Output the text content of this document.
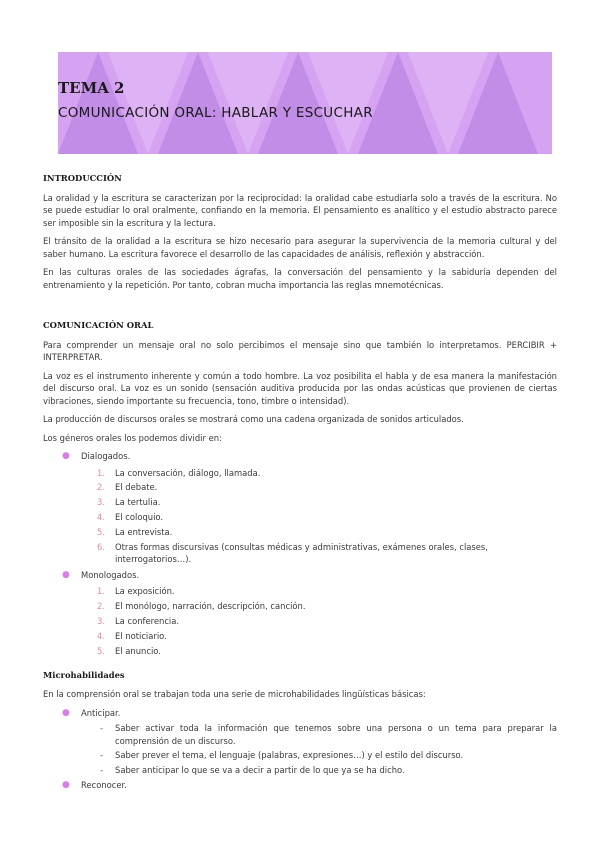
TEMA 2
COMUNICACIÓN ORAL: HABLAR Y ESCUCHAR
INTRODUCCIÓN

La oralidad y la escritura se caracterizan por la reciprocidad: la oralidad cabe estudiarla solo a través de la escritura. No se puede estudiar lo oral oralmente, confiando en la memoria. El pensamiento es analítico y el estudio abstracto parece ser imposible sin la escritura y la lectura.

El tránsito de la oralidad a la escritura se hizo necesario para asegurar la supervivencia de la memoria cultural y del saber humano. La escritura favorece el desarrollo de las capacidades de análisis, reflexión y abstracción.

En las culturas orales de las sociedades ágrafas, la conversación del pensamiento y la sabiduría dependen del entrenamiento y la repetición. Por tanto, cobran mucha importancia las reglas mnemotécnicas.

COMUNICACIÓN ORAL

Para comprender un mensaje oral no solo percibimos el mensaje sino que también lo interpretamos. PERCIBIR + INTERPRETAR.

La voz es el instrumento inherente y común a todo hombre. La voz posibilita el habla y de esa manera la manifestación del discurso oral. La voz es un sonido (sensación auditiva producida por las ondas acústicas que provienen de ciertas vibraciones, siendo importante su frecuencia, tono, timbre o intensidad).

La producción de discursos orales se mostrará como una cadena organizada de sonidos articulados.

Los géneros orales los podemos dividir en:

● Dialogados.
1. La conversación, diálogo, llamada.
2. El debate.
3. La tertulia.
4. El coloquio.
5. La entrevista.
6. Otras formas discursivas (consultas médicas y administrativas, exámenes orales, clases, interrogatorios…).
● Monologados.
1. La exposición.
2. El monólogo, narración, descripción, canción.
3. La conferencia.
4. El noticiario.
5. El anuncio.
Microhabilidades

En la comprensión oral se trabajan toda una serie de microhabilidades lingüísticas básicas:

● Anticipar.
- Saber activar toda la información que tenemos sobre una persona o un tema para preparar la comprensión de un discurso.
- Saber prever el tema, el lenguaje (palabras, expresiones…) y el estilo del discurso.
- Saber anticipar lo que se va a decir a partir de lo que ya se ha dicho.
● Reconocer.
